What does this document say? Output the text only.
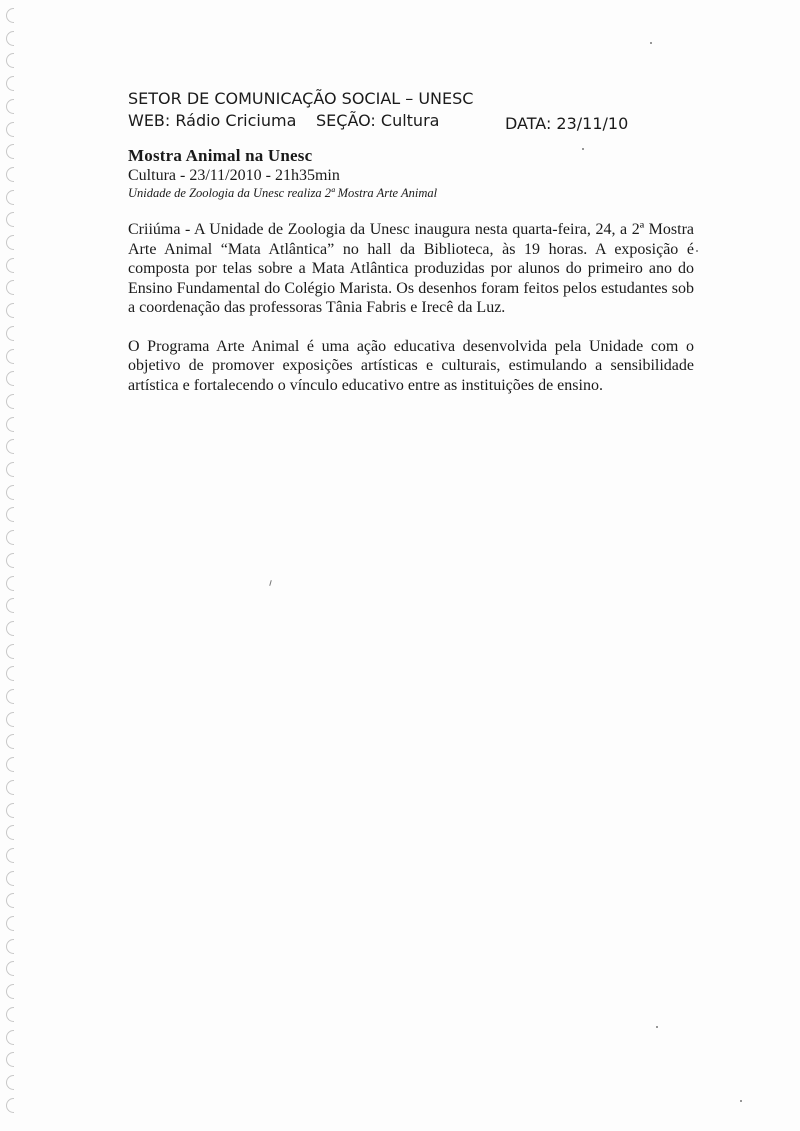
SETOR DE COMUNICAÇÃO SOCIAL – UNESC
WEB: Rádio Criciuma SEÇÃO: Cultura	DATA: 23/11/10
Mostra Animal na Unesc
Cultura - 23/11/2010 - 21h35min
Unidade de Zoologia da Unesc realiza 2ª Mostra Arte Animal
Criiúma - A Unidade de Zoologia da Unesc inaugura nesta quarta-feira, 24, a 2ª Mostra Arte Animal “Mata Atlântica” no hall da Biblioteca, às 19 horas. A exposição é composta por telas sobre a Mata Atlântica produzidas por alunos do primeiro ano do Ensino Fundamental do Colégio Marista. Os desenhos foram feitos pelos estudantes sob a coordenação das professoras Tânia Fabris e Irecê da Luz.
O Programa Arte Animal é uma ação educativa desenvolvida pela Unidade com o objetivo de promover exposições artísticas e culturais, estimulando a sensibilidade artística e fortalecendo o vínculo educativo entre as instituições de ensino.
